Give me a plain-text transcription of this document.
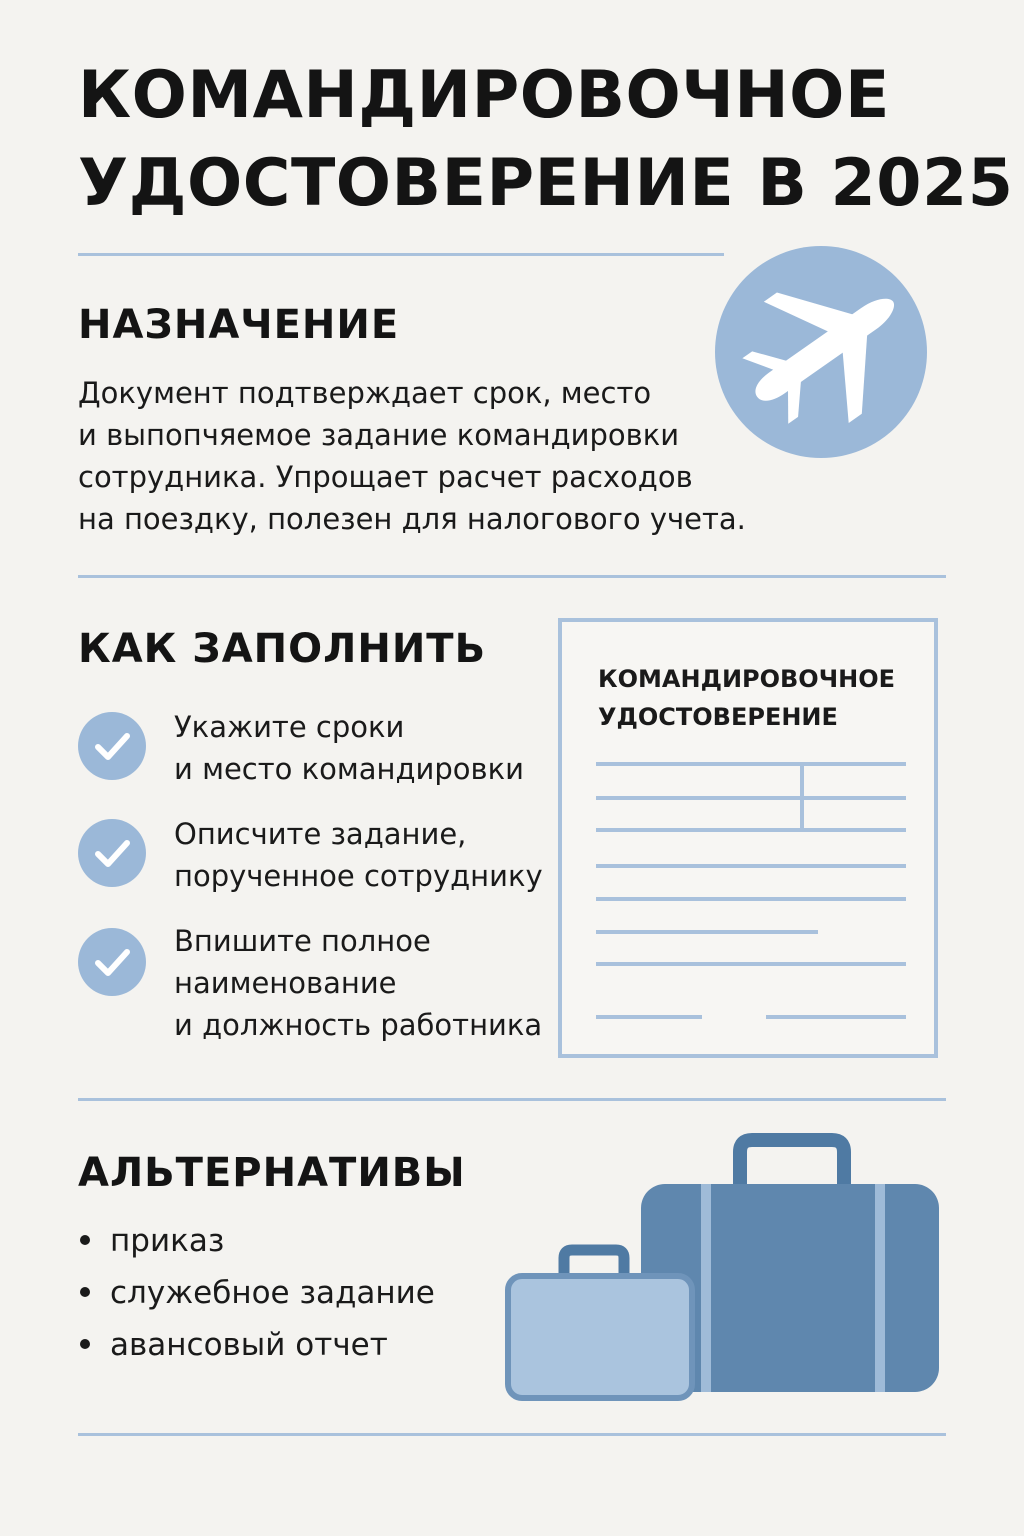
КОМАНДИРОВОЧНОЕ
УДОСТОВЕРЕНИЕ В 2025
НАЗНАЧЕНИЕ
Документ подтверждает срок, место
и выпопчяемое задание командировки
сотрудника. Упрощает расчет расходов
на поездку, полезен для налогового учета.
КАК ЗАПОЛНИТЬ
Укажите сроки
и место командировки
Описчите задание,
порученное сотруднику
Впишите полное
наименование
и должность работника
КОМАНДИРОВОЧНОЕ
УДОСТОВЕРЕНИЕ
АЛЬТЕРНАТИВЫ
приказ
служебное задание
авансовый отчет
